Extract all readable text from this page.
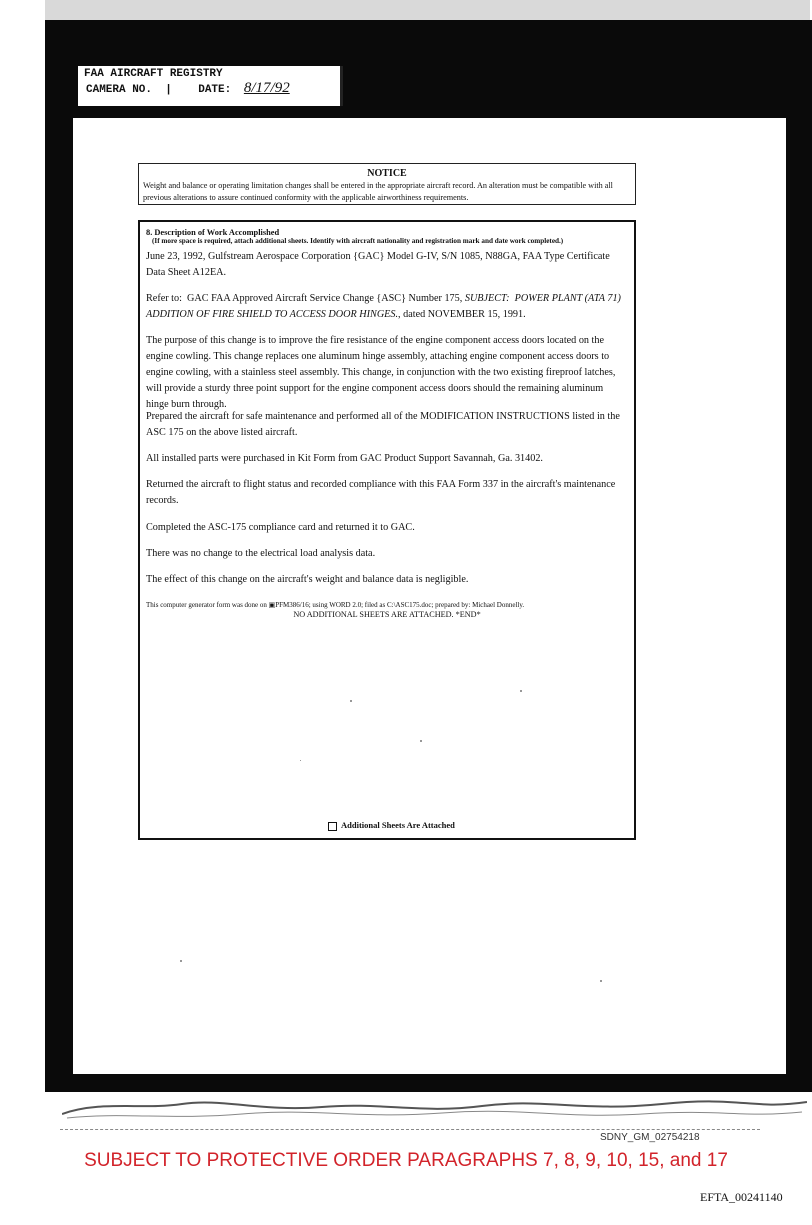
FAA AIRCRAFT REGISTRY
CAMERA NO.  |    DATE: 8/17/92
NOTICE
Weight and balance or operating limitation changes shall be entered in the appropriate aircraft record. An alteration must be compatible with all previous alterations to assure continued conformity with the applicable airworthiness requirements.
8. Description of Work Accomplished
(If more space is required, attach additional sheets. Identify with aircraft nationality and registration mark and date work completed.)
June 23, 1992, Gulfstream Aerospace Corporation {GAC} Model G-IV, S/N 1085, N88GA, FAA Type Certificate Data Sheet A12EA.
Refer to:  GAC FAA Approved Aircraft Service Change {ASC} Number 175, SUBJECT:  POWER PLANT (ATA 71) ADDITION OF FIRE SHIELD TO ACCESS DOOR HINGES., dated NOVEMBER 15, 1991.
The purpose of this change is to improve the fire resistance of the engine component access doors located on the engine cowling. This change replaces one aluminum hinge assembly, attaching engine component access doors to engine cowling, with a stainless steel assembly. This change, in conjunction with the two existing fireproof latches, will provide a sturdy three point support for the engine component access doors should the remaining aluminum hinge burn through.
Prepared the aircraft for safe maintenance and performed all of the MODIFICATION INSTRUCTIONS listed in the ASC 175 on the above listed aircraft.
All installed parts were purchased in Kit Form from GAC Product Support Savannah, Ga. 31402.
Returned the aircraft to flight status and recorded compliance with this FAA Form 337 in the aircraft's maintenance records.
Completed the ASC-175 compliance card and returned it to GAC.
There was no change to the electrical load analysis data.
The effect of this change on the aircraft's weight and balance data is negligible.
This computer generator form was done on ▣PFM386/16; using WORD 2.0; filed as C:\ASC175.doc; prepared by: Michael Donnelly.
NO ADDITIONAL SHEETS ARE ATTACHED. *END*
Additional Sheets Are Attached
SDNY_GM_02754218
SUBJECT TO PROTECTIVE ORDER PARAGRAPHS 7, 8, 9, 10, 15, and 17
EFTA_00241140
